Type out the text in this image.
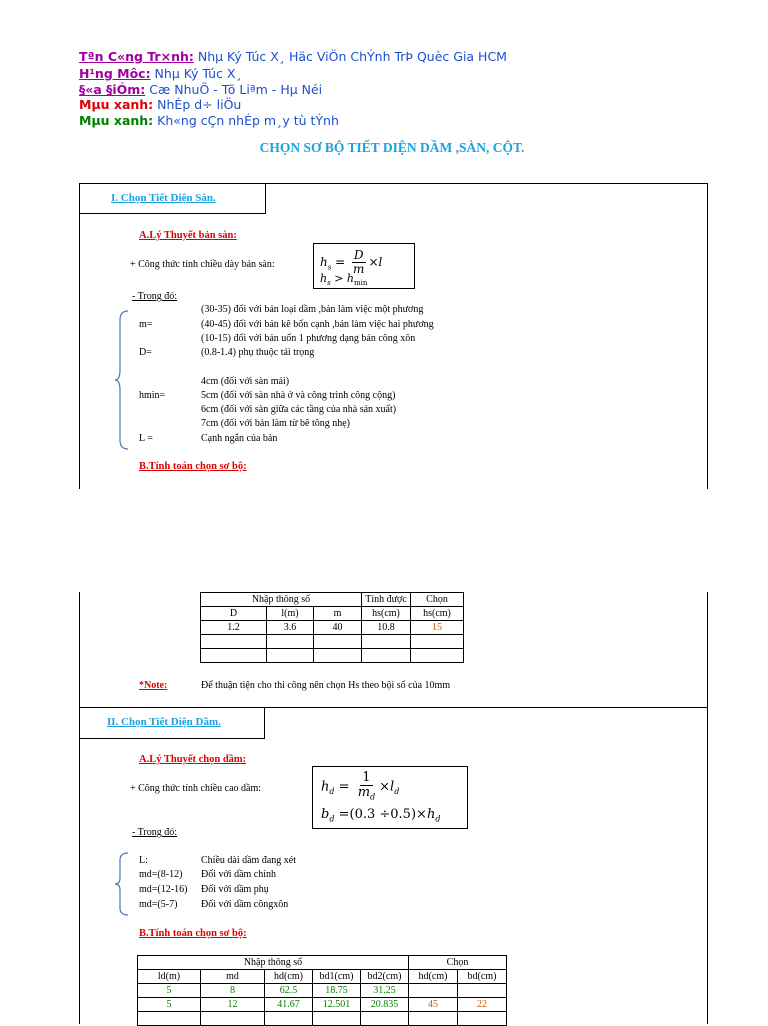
Tªn C«ng Tr×nh: Nhµ Ký Túc X¸ Häc ViÖn ChÝnh TrÞ Quèc Gia HCM
H¹ng Môc: Nhµ Ký Túc X¸
§«a §iÓm: Cæ NhuÕ - Tõ Liªm - Hµ Néi
Mµu xanh: NhÉp d÷ liÖu
Mµu xanh: Kh«ng cÇn nhÉp m¸y tù tÝnh
CHỌN SƠ BỘ TIẾT DIỆN DẦM ,SÀN, CỘT.
I. Chọn Tiết Diện Sàn.
A.Lý Thuyết bản sàn:
+ Công thức tính chiều dày bản sàn:	$h_s = \frac{D}{m} \times l$
$h_s > h_{min}$
- Trong đó:
m=
(30-35) đối với bản loại dầm ,bản làm việc một phương
(40-45) đối với bản kê bốn cạnh ,bản làm việc hai phương
(10-15) đối với bản uốn 1 phương dạng bản công xôn
D=	(0.8-1.4) phụ thuộc tải trọng
4cm (đối với sàn mái)
hmin=	5cm (đối với sàn nhà ở và công trình công cộng)
6cm (đối với sàn giữa các tầng của nhà sản xuất)
7cm (đối với bản làm từ bê tông nhẹ)
L =	Cạnh ngắn của bản
B.Tính toán chọn sơ bộ:
Nhập thông số			Tính được	Chọn
D	l(m)	m	hs(cm)	hs(cm)
1.2	3.6	40	10.8	15

*Note:	Để thuận tiện cho thi công nên chọn Hs theo bội số của 10mm
II. Chọn Tiết Diện Dầm.
A.Lý Thuyết chọn dầm:
+ Công thức tính chiều cao dầm:	$h_d = \frac{1}{m_d} \times l_d$
$b_d =(0.3 \div 0.5)\times h_d$
- Trong đó:
L:	Chiều dài dầm đang xét
md=(8-12) Đối với dầm chính
md=(12-16) Đối với dầm phụ
md=(5-7) Đối với dầm côngxôn
B.Tính toán chọn sơ bộ:
Nhập thông số					Chọn	
ld(m)	md	hd(cm)	bd1(cm)	bd2(cm)	hd(cm)	bd(cm)
5	8	62.5	18.75	31.25		
5	12	41.67	12.501	20.835	45	22
